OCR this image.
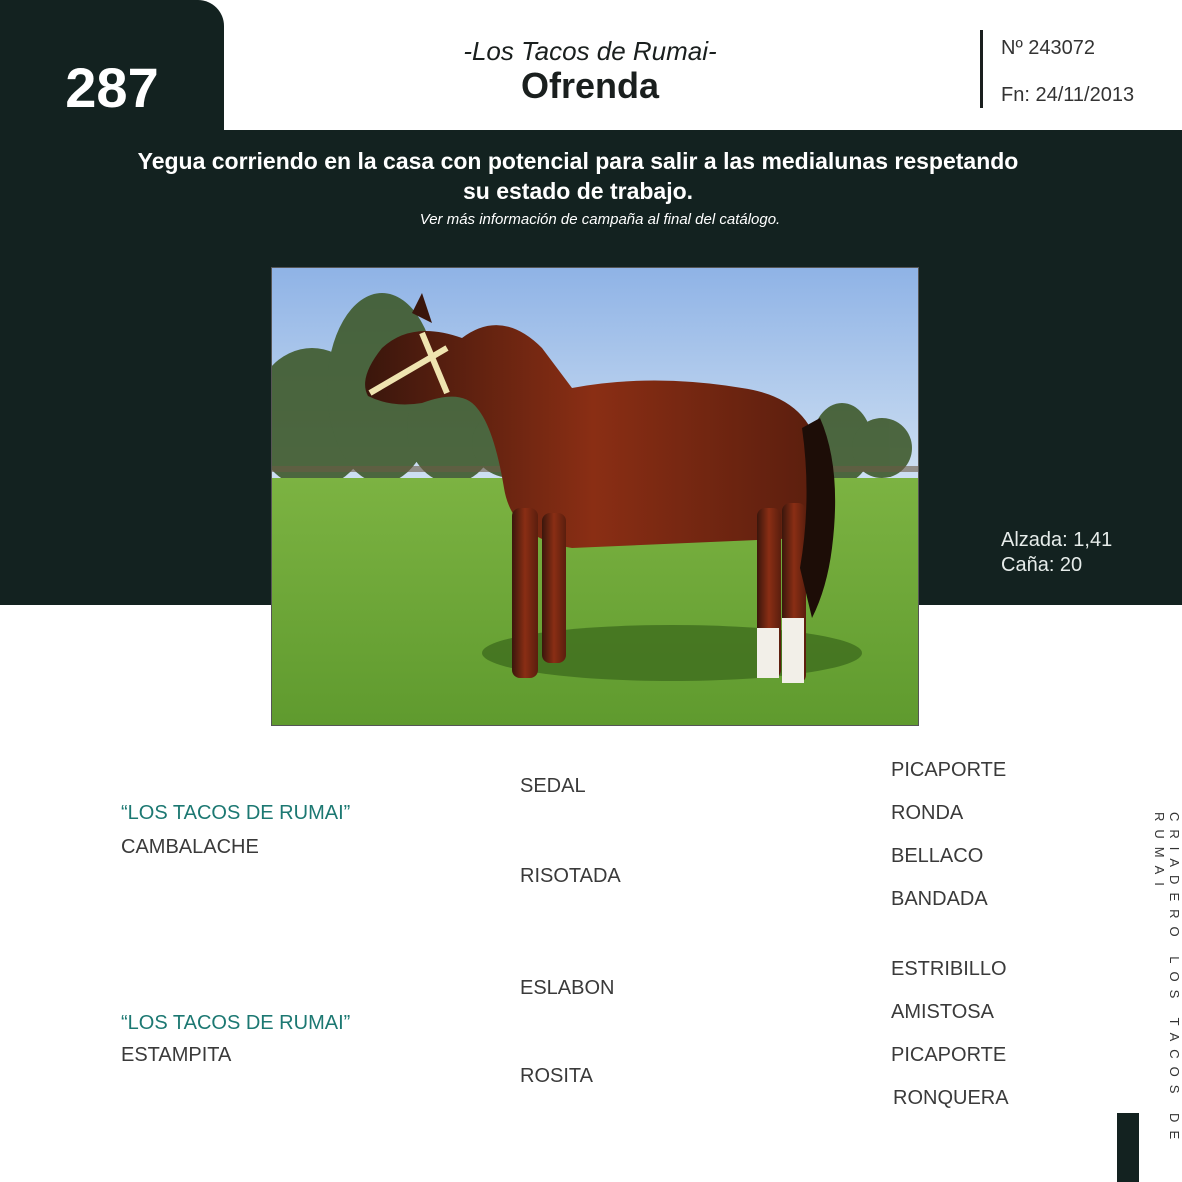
287
-Los Tacos de Rumai-
Ofrenda
Nº 243072
Fn: 24/11/2013
Yegua corriendo en la casa con potencial para salir a las medialunas respetando
su estado de trabajo.
Ver más información de campaña al final del catálogo.
Alzada: 1,41
Caña: 20
“LOS TACOS DE RUMAI”
CAMBALACHE
“LOS TACOS DE RUMAI”
ESTAMPITA
SEDAL
RISOTADA
ESLABON
ROSITA
PICAPORTE
RONDA
BELLACO
BANDADA
ESTRIBILLO
AMISTOSA
PICAPORTE
RONQUERA	CRIADERO LOS TACOS DE RUMAI
